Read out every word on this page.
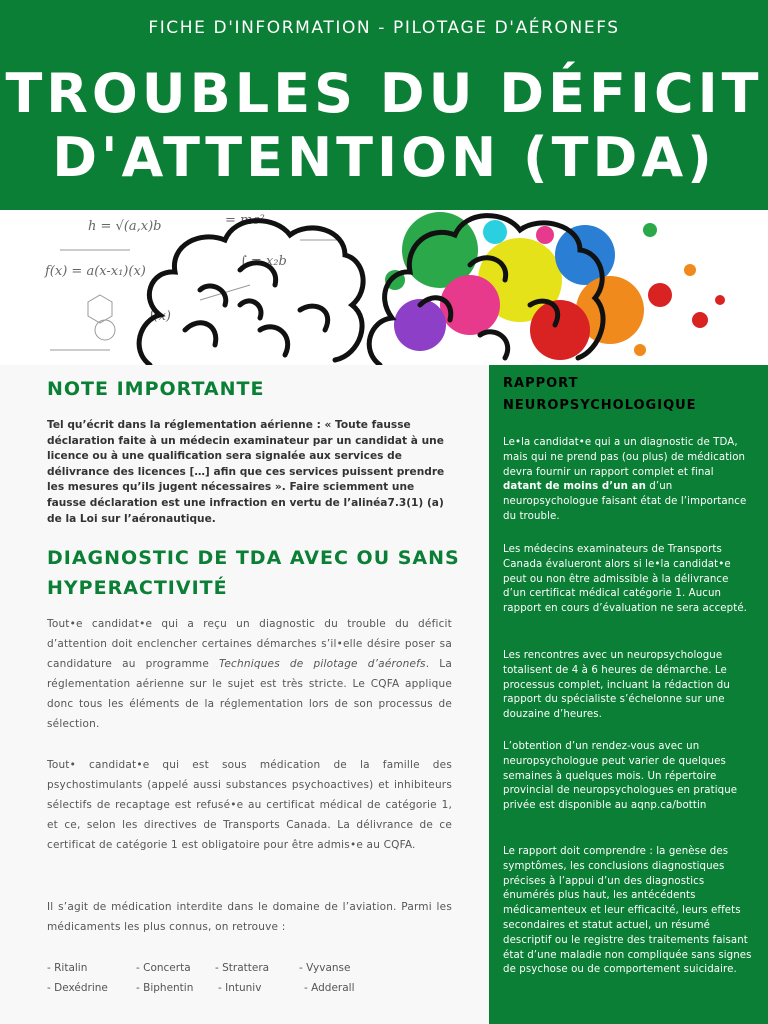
FICHE D'INFORMATION - PILOTAGE D'AÉRONEFS
TROUBLES DU DÉFICIT
D'ATTENTION (TDA)
h = √(a,x)b	= mc²
f(x) = a(x-x₁)(x)
∫ = x₂b
ʃ(x)
NOTE IMPORTANTE
Tel qu’écrit dans la réglementation aérienne : « Toute fausse déclaration faite à un médecin examinateur par un candidat à une licence ou à une qualification sera signalée aux services de délivrance des licences […] afin que ces services puissent prendre les mesures qu’ils jugent nécessaires ». Faire sciemment une fausse déclaration est une infraction en vertu de l’alinéa7.3(1) (a) de la Loi sur l’aéronautique.
DIAGNOSTIC DE TDA AVEC OU SANS HYPERACTIVITÉ
Tout•e candidat•e qui a reçu un diagnostic du trouble du déficit d’attention doit enclencher certaines démarches s’il•elle désire poser sa candidature au programme Techniques de pilotage d’aéronefs. La réglementation aérienne sur le sujet est très stricte. Le CQFA applique donc tous les éléments de la réglementation lors de son processus de sélection.
Tout• candidat•e qui est sous médication de la famille des psychostimulants (appelé aussi substances psychoactives) et inhibiteurs sélectifs de recaptage est refusé•e au certificat médical de catégorie 1, et ce, selon les directives de Transports Canada. La délivrance de ce certificat de catégorie 1 est obligatoire pour être admis•e au CQFA.
Il s’agit de médication interdite dans le domaine de l’aviation. Parmi les médicaments les plus connus, on retrouve :
- Ritalin	- Concerta	- Strattera	- Vyvanse
- Dexédrine	- Biphentin	- Intuniv	- Adderall
RAPPORT
NEUROPSYCHOLOGIQUE
Le•la candidat•e qui a un diagnostic de TDA, mais qui ne prend pas (ou plus) de médication devra fournir un rapport complet et final datant de moins d’un an d’un neuropsychologue faisant état de l’importance du trouble.
Les médecins examinateurs de Transports Canada évalueront alors si le•la candidat•e peut ou non être admissible à la délivrance d’un certificat médical catégorie 1. Aucun rapport en cours d’évaluation ne sera accepté.
Les rencontres avec un neuropsychologue totalisent de 4 à 6 heures de démarche. Le processus complet, incluant la rédaction du rapport du spécialiste s’échelonne sur une douzaine d’heures.
L’obtention d’un rendez-vous avec un neuropsychologue peut varier de quelques semaines à quelques mois. Un répertoire provincial de neuropsychologues en pratique privée est disponible au aqnp.ca/bottin
Le rapport doit comprendre : la genèse des symptômes, les conclusions diagnostiques précises à l’appui d’un des diagnostics énumérés plus haut, les antécédents médicamenteux et leur efficacité, leurs effets secondaires et statut actuel, un résumé descriptif ou le registre des traitements faisant état d’une maladie non compliquée sans signes de psychose ou de comportement suicidaire.
